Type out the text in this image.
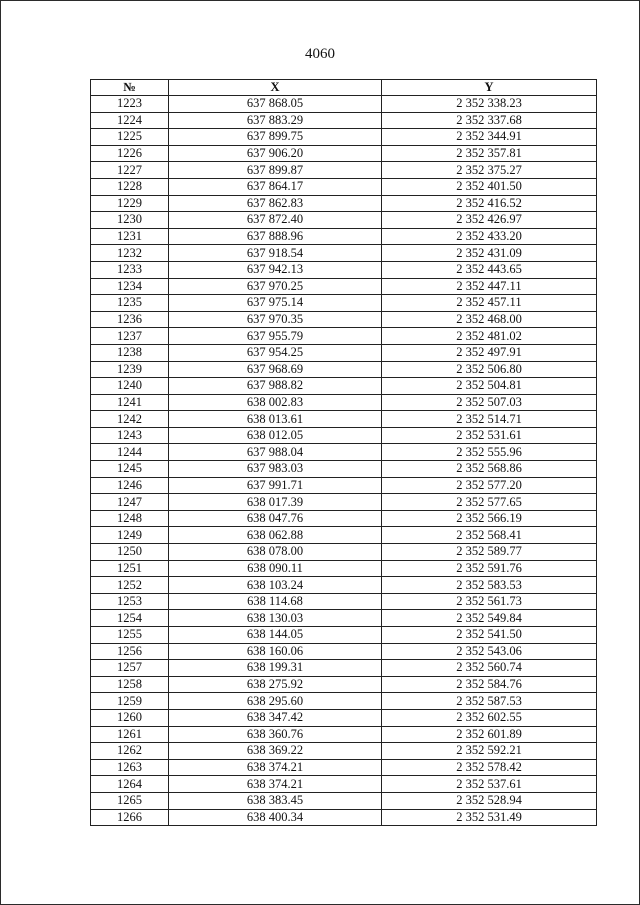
4060
№	X	Y
1223	637 868.05	2 352 338.23
1224	637 883.29	2 352 337.68
1225	637 899.75	2 352 344.91
1226	637 906.20	2 352 357.81
1227	637 899.87	2 352 375.27
1228	637 864.17	2 352 401.50
1229	637 862.83	2 352 416.52
1230	637 872.40	2 352 426.97
1231	637 888.96	2 352 433.20
1232	637 918.54	2 352 431.09
1233	637 942.13	2 352 443.65
1234	637 970.25	2 352 447.11
1235	637 975.14	2 352 457.11
1236	637 970.35	2 352 468.00
1237	637 955.79	2 352 481.02
1238	637 954.25	2 352 497.91
1239	637 968.69	2 352 506.80
1240	637 988.82	2 352 504.81
1241	638 002.83	2 352 507.03
1242	638 013.61	2 352 514.71
1243	638 012.05	2 352 531.61
1244	637 988.04	2 352 555.96
1245	637 983.03	2 352 568.86
1246	637 991.71	2 352 577.20
1247	638 017.39	2 352 577.65
1248	638 047.76	2 352 566.19
1249	638 062.88	2 352 568.41
1250	638 078.00	2 352 589.77
1251	638 090.11	2 352 591.76
1252	638 103.24	2 352 583.53
1253	638 114.68	2 352 561.73
1254	638 130.03	2 352 549.84
1255	638 144.05	2 352 541.50
1256	638 160.06	2 352 543.06
1257	638 199.31	2 352 560.74
1258	638 275.92	2 352 584.76
1259	638 295.60	2 352 587.53
1260	638 347.42	2 352 602.55
1261	638 360.76	2 352 601.89
1262	638 369.22	2 352 592.21
1263	638 374.21	2 352 578.42
1264	638 374.21	2 352 537.61
1265	638 383.45	2 352 528.94
1266	638 400.34	2 352 531.49
